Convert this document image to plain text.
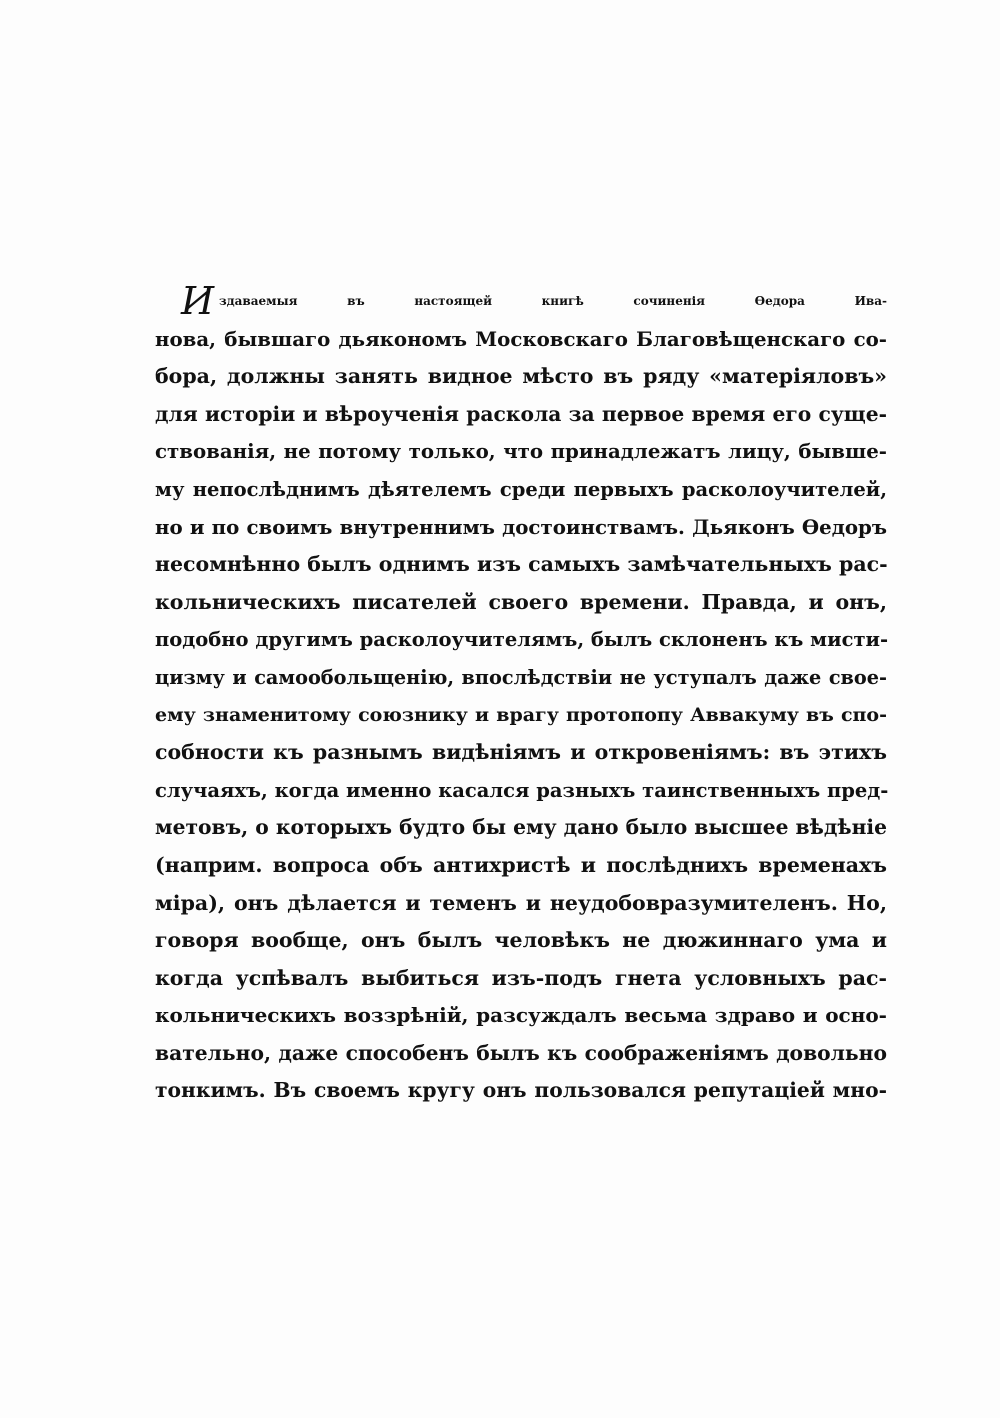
И здаваемыя въ настоящей книгѣ сочиненія Ѳедора Ива-
нова, бывшаго дьякономъ Московскаго Благовѣщенскаго со-
бора, должны занять видное мѣсто въ ряду «матеріяловъ»
для исторіи и вѣроученія раскола за первое время его суще-
ствованія, не потому только, что принадлежатъ лицу, бывше-
му непослѣднимъ дѣятелемъ среди первыхъ расколоучителей,
но и по своимъ внутреннимъ достоинствамъ. Дьяконъ Ѳедоръ
несомнѣнно былъ однимъ изъ самыхъ замѣчательныхъ рас-
кольническихъ писателей своего времени. Правда, и онъ,
подобно другимъ расколоучителямъ, былъ склоненъ къ мисти-
цизму и самообольщенію, впослѣдствіи не уступалъ даже свое-
ему знаменитому союзнику и врагу протопопу Аввакуму въ спо-
собности къ разнымъ видѣніямъ и откровеніямъ: въ этихъ
случаяхъ, когда именно касался разныхъ таинственныхъ пред-
метовъ, о которыхъ будто бы ему дано было высшее вѣдѣніе
(наприм. вопроса объ антихристѣ и послѣднихъ временахъ
міра), онъ дѣлается и теменъ и неудобовразумителенъ. Но,
говоря вообще, онъ былъ человѣкъ не дюжиннаго ума и
когда успѣвалъ выбиться изъ-подъ гнета условныхъ рас-
кольническихъ воззрѣній, разсуждалъ весьма здраво и осно-
вательно, даже способенъ былъ къ соображеніямъ довольно
тонкимъ. Въ своемъ кругу онъ пользовался репутаціей мно-
